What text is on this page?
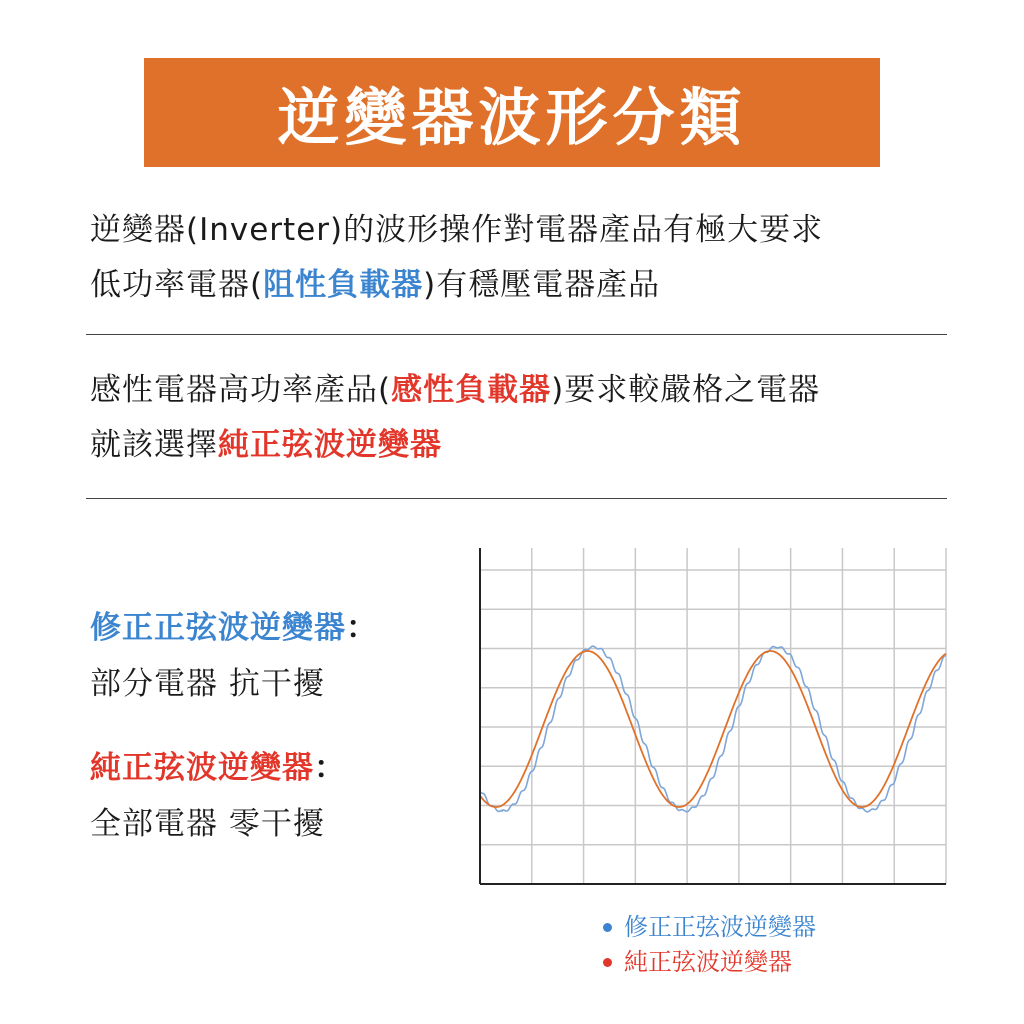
逆變器波形分類
逆變器(Inverter)的波形操作對電器產品有極大要求
低功率電器(阻性負載器)有穩壓電器產品
感性電器高功率產品(感性負載器)要求較嚴格之電器
就該選擇純正弦波逆變器
修正正弦波逆變器：
部分電器 抗干擾
純正弦波逆變器：
全部電器 零干擾
修正正弦波逆變器
純正弦波逆變器
